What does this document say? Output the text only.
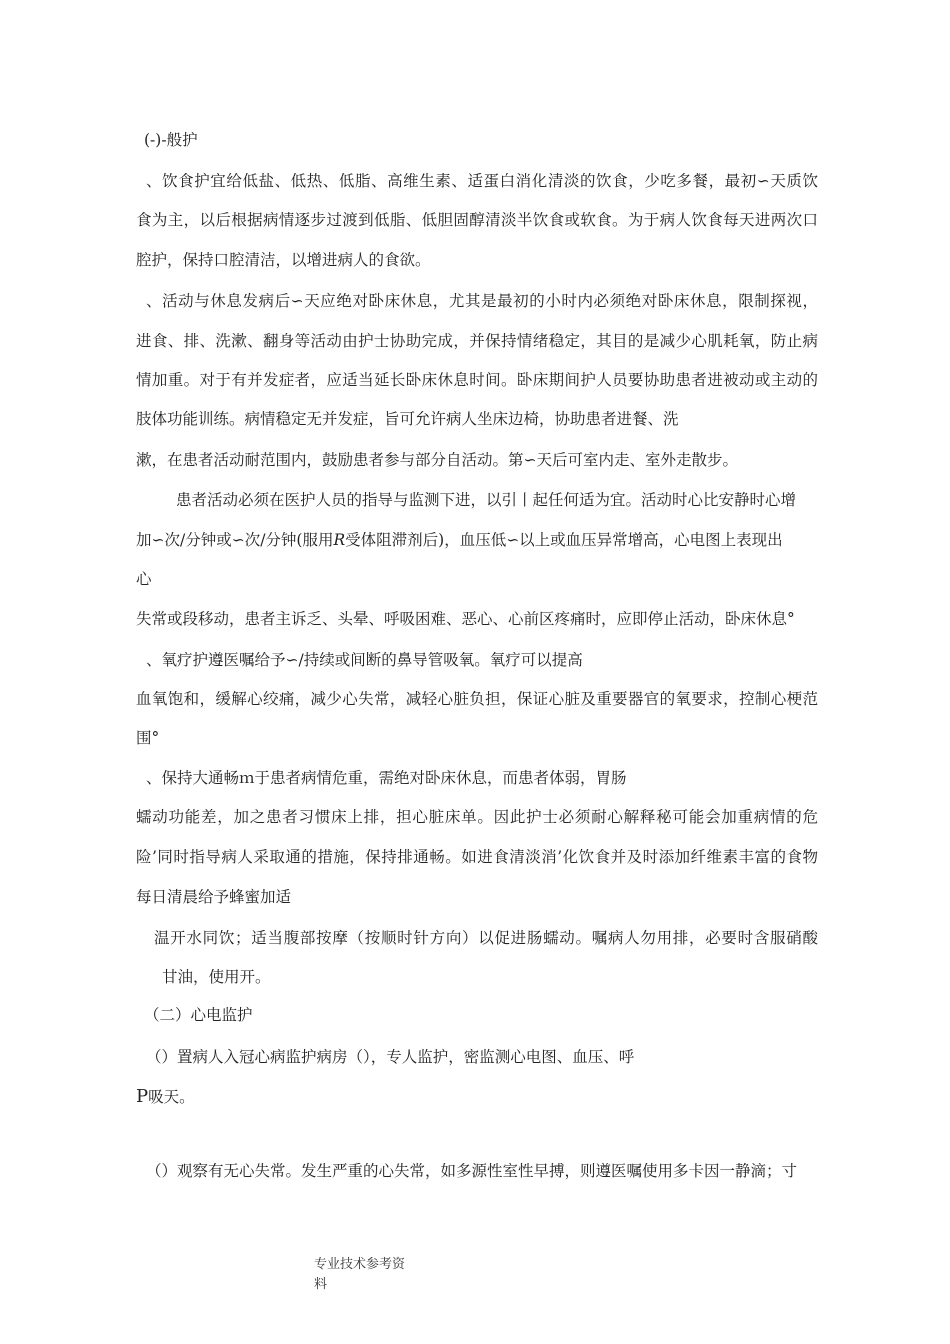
(-)-般护
、饮食护宜给低盐、低热、低脂、高维生素、适蛋白消化清淡的饮食，少吃多餐，最初∽天质饮
食为主，以后根据病情逐步过渡到低脂、低胆固醇清淡半饮食或软食。为于病人饮食每天进两次口
腔护，保持口腔清洁，以增进病人的食欲。
、活动与休息发病后∽天应绝对卧床休息，尤其是最初的小时内必须绝对卧床休息，限制探视，
进食、排、洗漱、翻身等活动由护士协助完成，并保持情绪稳定，其目的是减少心肌耗氧，防止病
情加重。对于有并发症者，应适当延长卧床休息时间。卧床期间护人员要协助患者进被动或主动的
肢体功能训练。病情稳定无并发症，旨可允许病人坐床边椅，协助患者进餐、洗
漱，在患者活动耐范围内，鼓励患者参与部分自活动。第∽天后可室内走、室外走散步。
患者活动必须在医护人员的指导与监测下进，以引丨起任何适为宜。活动时心比安静时心增
加∽次/分钟或∽次/分钟(服用R受体阻滞剂后)，血压低∽以上或血压异常增高，心电图上表现出
心
失常或段移动，患者主诉乏、头晕、呼吸困难、恶心、心前区疼痛时，应即停止活动，卧床休息°
、氧疗护遵医嘱给予∽/持续或间断的鼻导管吸氧。氧疗可以提高
血氧饱和，缓解心绞痛，减少心失常，减轻心脏负担，保证心脏及重要器官的氧要求，控制心梗范
围°
、保持大通畅ｍ于患者病情危重，需绝对卧床休息，而患者体弱，胃肠
蠕动功能差，加之患者习惯床上排，担心脏床单。因此护士必须耐心解释秘可能会加重病情的危
险’同时指导病人采取通的措施，保持排通畅。如进食清淡消’化饮食并及时添加纤维素丰富的食物
每日清晨给予蜂蜜加适
温开水同饮；适当腹部按摩（按顺时针方向）以促进肠蠕动。嘱病人勿用排，必要时含服硝酸
甘油，使用开。
（二）心电监护
（）置病人入冠心病监护病房（），专人监护，密监测心电图、血压、呼
P吸天。
（）观察有无心失常。发生严重的心失常，如多源性室性早搏，则遵医嘱使用多卡因一静滴；寸
专业技术参考资
料
